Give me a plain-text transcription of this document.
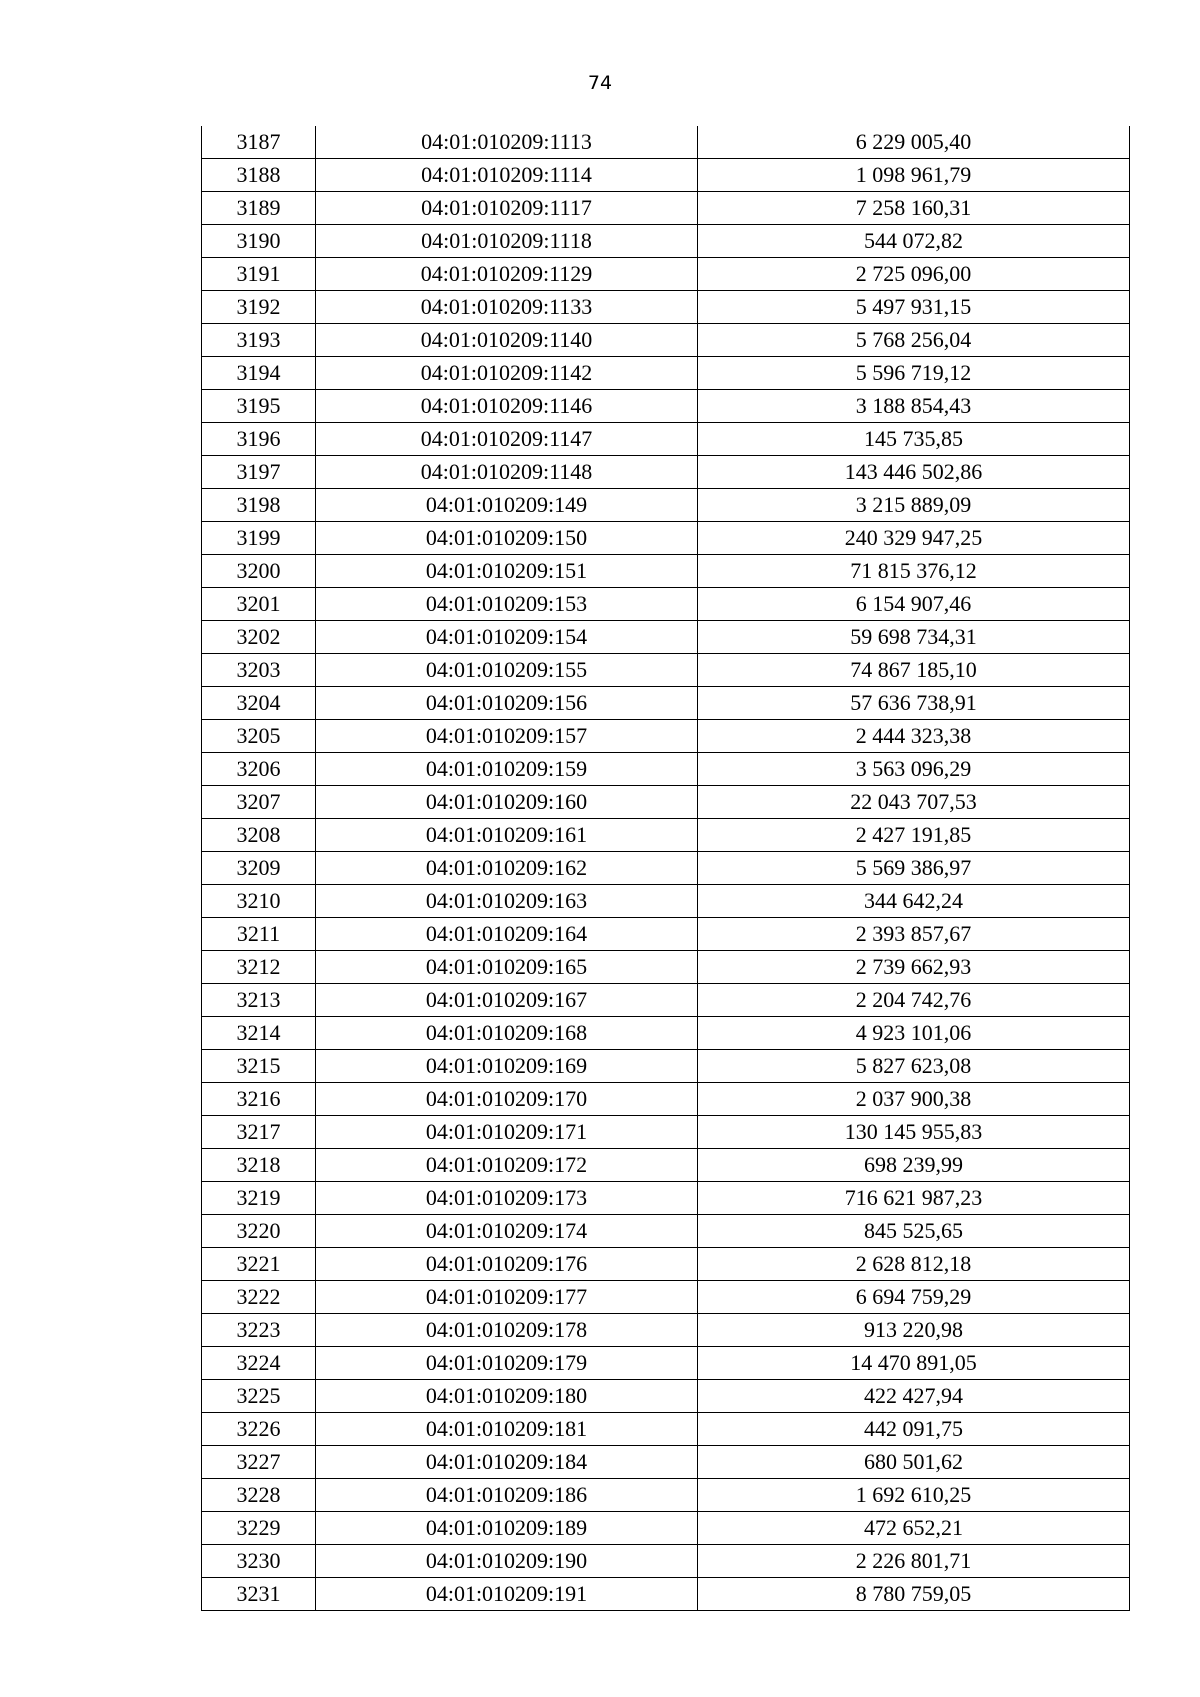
74
3187	04:01:010209:1113	6 229 005,40
3188	04:01:010209:1114	1 098 961,79
3189	04:01:010209:1117	7 258 160,31
3190	04:01:010209:1118	544 072,82
3191	04:01:010209:1129	2 725 096,00
3192	04:01:010209:1133	5 497 931,15
3193	04:01:010209:1140	5 768 256,04
3194	04:01:010209:1142	5 596 719,12
3195	04:01:010209:1146	3 188 854,43
3196	04:01:010209:1147	145 735,85
3197	04:01:010209:1148	143 446 502,86
3198	04:01:010209:149	3 215 889,09
3199	04:01:010209:150	240 329 947,25
3200	04:01:010209:151	71 815 376,12
3201	04:01:010209:153	6 154 907,46
3202	04:01:010209:154	59 698 734,31
3203	04:01:010209:155	74 867 185,10
3204	04:01:010209:156	57 636 738,91
3205	04:01:010209:157	2 444 323,38
3206	04:01:010209:159	3 563 096,29
3207	04:01:010209:160	22 043 707,53
3208	04:01:010209:161	2 427 191,85
3209	04:01:010209:162	5 569 386,97
3210	04:01:010209:163	344 642,24
3211	04:01:010209:164	2 393 857,67
3212	04:01:010209:165	2 739 662,93
3213	04:01:010209:167	2 204 742,76
3214	04:01:010209:168	4 923 101,06
3215	04:01:010209:169	5 827 623,08
3216	04:01:010209:170	2 037 900,38
3217	04:01:010209:171	130 145 955,83
3218	04:01:010209:172	698 239,99
3219	04:01:010209:173	716 621 987,23
3220	04:01:010209:174	845 525,65
3221	04:01:010209:176	2 628 812,18
3222	04:01:010209:177	6 694 759,29
3223	04:01:010209:178	913 220,98
3224	04:01:010209:179	14 470 891,05
3225	04:01:010209:180	422 427,94
3226	04:01:010209:181	442 091,75
3227	04:01:010209:184	680 501,62
3228	04:01:010209:186	1 692 610,25
3229	04:01:010209:189	472 652,21
3230	04:01:010209:190	2 226 801,71
3231	04:01:010209:191	8 780 759,05
